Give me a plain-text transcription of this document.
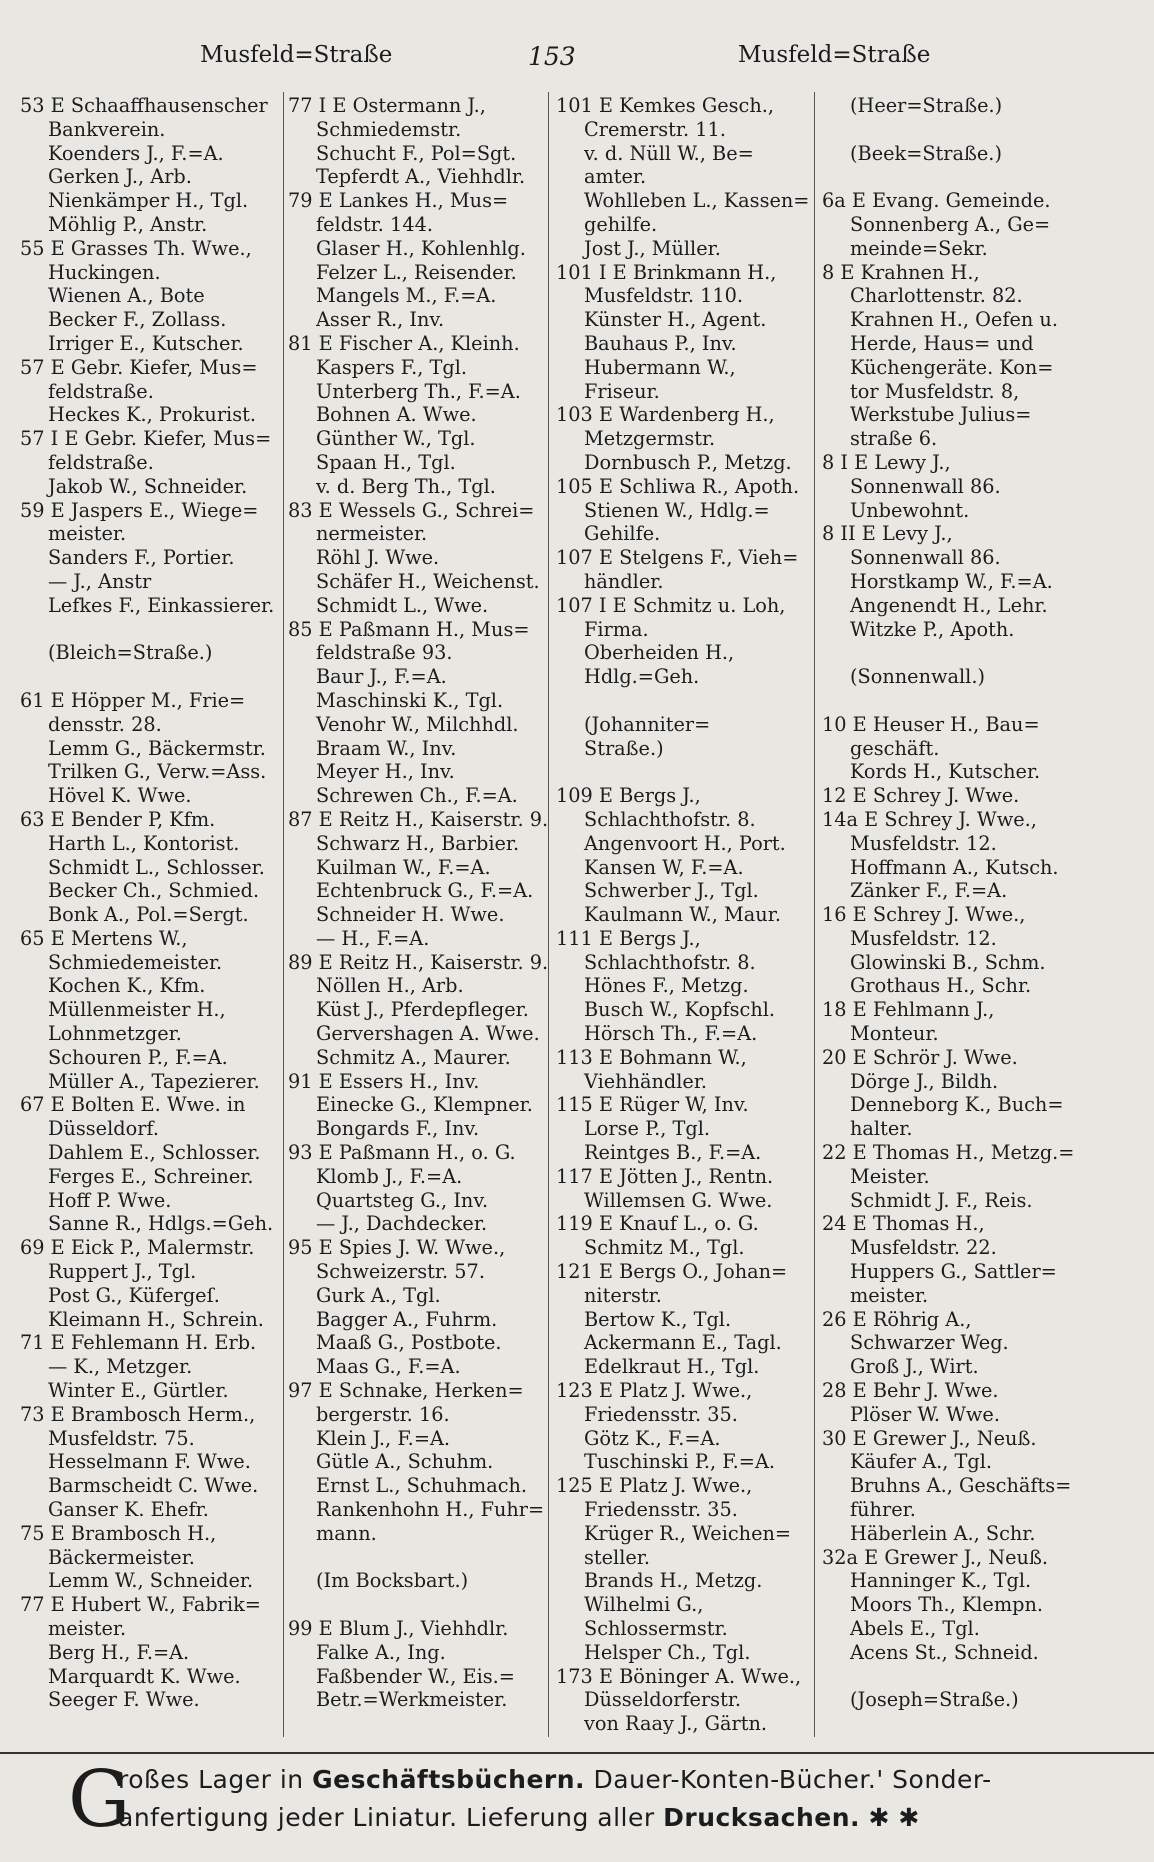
Musfeld=Straße	153	Musfeld=Straße
53 E Schaaffhausenscher
Bankverein.
Koenders J., F.=A.
Gerken J., Arb.
Nienkämper H., Tgl.
Möhlig P., Anstr.
55 E Grasses Th. Wwe.,
Huckingen.
Wienen A., Bote
Becker F., Zollass.
Irriger E., Kutscher.
57 E Gebr. Kiefer, Mus=
feldstraße.
Heckes K., Prokurist.
57 I E Gebr. Kiefer, Mus=
feldstraße.
Jakob W., Schneider.
59 E Jaspers E., Wiege=
meister.
Sanders F., Portier.
— J., Anstr
Lefkes F., Einkassierer.
(Bleich=Straße.)
61 E Höpper M., Frie=
densstr. 28.
Lemm G., Bäckermstr.
Trilken G., Verw.=Ass.
Hövel K. Wwe.
63 E Bender P, Kfm.
Harth L., Kontorist.
Schmidt L., Schlosser.
Becker Ch., Schmied.
Bonk A., Pol.=Sergt.
65 E Mertens W.,
Schmiedemeister.
Kochen K., Kfm.
Müllenmeister H.,
Lohnmetzger.
Schouren P., F.=A.
Müller A., Tapezierer.
67 E Bolten E. Wwe. in
Düsseldorf.
Dahlem E., Schlosser.
Ferges E., Schreiner.
Hoff P. Wwe.
Sanne R., Hdlgs.=Geh.
69 E Eick P., Malermstr.
Ruppert J., Tgl.
Post G., Küfergeſ.
Kleimann H., Schrein.
71 E Fehlemann H. Erb.
— K., Metzger.
Winter E., Gürtler.
73 E Brambosch Herm.,
Musfeldstr. 75.
Hesselmann F. Wwe.
Barmscheidt C. Wwe.
Ganser K. Ehefr.
75 E Brambosch H.,
Bäckermeister.
Lemm W., Schneider.
77 E Hubert W., Fabrik=
meister.
Berg H., F.=A.
Marquardt K. Wwe.
Seeger F. Wwe.
77 I E Ostermann J.,
Schmiedemstr.
Schucht F., Pol=Sgt.
Tepferdt A., Viehhdlr.
79 E Lankes H., Mus=
feldstr. 144.
Glaser H., Kohlenhlg.
Felzer L., Reisender.
Mangels M., F.=A.
Asser R., Inv.
81 E Fischer A., Kleinh.
Kaspers F., Tgl.
Unterberg Th., F.=A.
Bohnen A. Wwe.
Günther W., Tgl.
Spaan H., Tgl.
v. d. Berg Th., Tgl.
83 E Wessels G., Schrei=
nermeister.
Röhl J. Wwe.
Schäfer H., Weichenst.
Schmidt L., Wwe.
85 E Paßmann H., Mus=
feldstraße 93.
Baur J., F.=A.
Maschinski K., Tgl.
Venohr W., Milchhdl.
Braam W., Inv.
Meyer H., Inv.
Schrewen Ch., F.=A.
87 E Reitz H., Kaiserstr. 9.
Schwarz H., Barbier.
Kuilman W., F.=A.
Echtenbruck G., F.=A.
Schneider H. Wwe.
— H., F.=A.
89 E Reitz H., Kaiserstr. 9.
Nöllen H., Arb.
Küst J., Pferdepfleger.
Gervershagen A. Wwe.
Schmitz A., Maurer.
91 E Essers H., Inv.
Einecke G., Klempner.
Bongards F., Inv.
93 E Paßmann H., o. G.
Klomb J., F.=A.
Quartsteg G., Inv.
— J., Dachdecker.
95 E Spies J. W. Wwe.,
Schweizerstr. 57.
Gurk A., Tgl.
Bagger A., Fuhrm.
Maaß G., Postbote.
Maas G., F.=A.
97 E Schnake, Herken=
bergerstr. 16.
Klein J., F.=A.
Gütle A., Schuhm.
Ernst L., Schuhmach.
Rankenhohn H., Fuhr=
mann.
(Im Bocksbart.)
99 E Blum J., Viehhdlr.
Falke A., Ing.
Faßbender W., Eis.=
Betr.=Werkmeister.
101 E Kemkes Gesch.,
Cremerstr. 11.
v. d. Nüll W., Be=
amter.
Wohlleben L., Kassen=
gehilfe.
Jost J., Müller.
101 I E Brinkmann H.,
Musfeldstr. 110.
Künster H., Agent.
Bauhaus P., Inv.
Hubermann W.,
Friseur.
103 E Wardenberg H.,
Metzgermstr.
Dornbusch P., Metzg.
105 E Schliwa R., Apoth.
Stienen W., Hdlg.=
Gehilfe.
107 E Stelgens F., Vieh=
händler.
107 I E Schmitz u. Loh,
Firma.
Oberheiden H.,
Hdlg.=Geh.
(Johanniter=
Straße.)
109 E Bergs J.,
Schlachthofstr. 8.
Angenvoort H., Port.
Kansen W, F.=A.
Schwerber J., Tgl.
Kaulmann W., Maur.
111 E Bergs J.,
Schlachthofstr. 8.
Hönes F., Metzg.
Busch W., Kopfschl.
Hörsch Th., F.=A.
113 E Bohmann W.,
Viehhändler.
115 E Rüger W, Inv.
Lorse P., Tgl.
Reintges B., F.=A.
117 E Jötten J., Rentn.
Willemsen G. Wwe.
119 E Knauf L., o. G.
Schmitz M., Tgl.
121 E Bergs O., Johan=
niterstr.
Bertow K., Tgl.
Ackermann E., Tagl.
Edelkraut H., Tgl.
123 E Platz J. Wwe.,
Friedensstr. 35.
Götz K., F.=A.
Tuschinski P., F.=A.
125 E Platz J. Wwe.,
Friedensstr. 35.
Krüger R., Weichen=
steller.
Brands H., Metzg.
Wilhelmi G.,
Schlossermstr.
Helsper Ch., Tgl.
173 E Böninger A. Wwe.,
Düsseldorferstr.
von Raay J., Gärtn.
(Heer=Straße.)
(Beek=Straße.)
6a E Evang. Gemeinde.
Sonnenberg A., Ge=
meinde=Sekr.
8 E Krahnen H.,
Charlottenstr. 82.
Krahnen H., Oefen u.
Herde, Haus= und
Küchengeräte. Kon=
tor Musfeldstr. 8,
Werkstube Julius=
straße 6.
8 I E Lewy J.,
Sonnenwall 86.
Unbewohnt.
8 II E Levy J.,
Sonnenwall 86.
Horstkamp W., F.=A.
Angenendt H., Lehr.
Witzke P., Apoth.
(Sonnenwall.)
10 E Heuser H., Bau=
geschäft.
Kords H., Kutscher.
12 E Schrey J. Wwe.
14a E Schrey J. Wwe.,
Musfeldstr. 12.
Hoffmann A., Kutsch.
Zänker F., F.=A.
16 E Schrey J. Wwe.,
Musfeldstr. 12.
Glowinski B., Schm.
Grothaus H., Schr.
18 E Fehlmann J.,
Monteur.
20 E Schrör J. Wwe.
Dörge J., Bildh.
Denneborg K., Buch=
halter.
22 E Thomas H., Metzg.=
Meister.
Schmidt J. F., Reis.
24 E Thomas H.,
Musfeldstr. 22.
Huppers G., Sattler=
meister.
26 E Röhrig A.,
Schwarzer Weg.
Groß J., Wirt.
28 E Behr J. Wwe.
Plöser W. Wwe.
30 E Grewer J., Neuß.
Käufer A., Tgl.
Bruhns A., Geschäfts=
führer.
Häberlein A., Schr.
32a E Grewer J., Neuß.
Hanninger K., Tgl.
Moors Th., Klempn.
Abels E., Tgl.
Acens St., Schneid.
(Joseph=Straße.)
G
roßes Lager in Geschäftsbüchern. Dauer-Konten-Bücher.' Sonder-
anfertigung jeder Liniatur. Lieferung aller Drucksachen. ✱ ✱
